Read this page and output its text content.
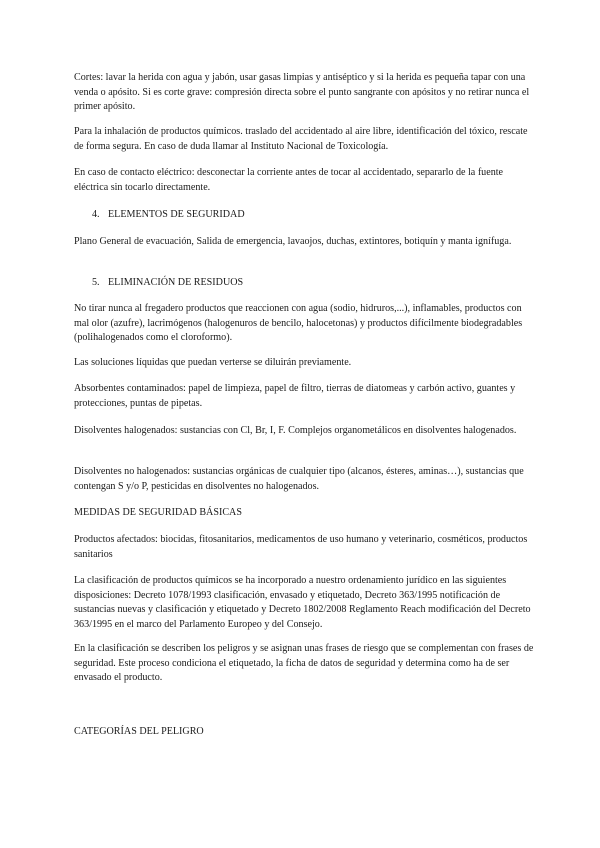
Cortes: lavar la herida con agua y jabón, usar gasas limpias y antiséptico y si la herida es pequeña tapar con una venda o apósito. Si es corte grave: compresión directa sobre el punto sangrante con apósitos y no retirar nunca el primer apósito.

Para la inhalación de productos químicos. traslado del accidentado al aire libre, identificación del tóxico, rescate de forma segura. En caso de duda llamar al Instituto Nacional de Toxicología.

En caso de contacto eléctrico: desconectar la corriente antes de tocar al accidentado, separarlo de la fuente eléctrica sin tocarlo directamente.

4. ELEMENTOS DE SEGURIDAD

Plano General de evacuación, Salida de emergencia, lavaojos, duchas, extintores, botiquín y manta ignífuga.

5. ELIMINACIÓN DE RESIDUOS

No tirar nunca al fregadero productos que reaccionen con agua (sodio, hidruros,...), inflamables, productos con mal olor (azufre), lacrimógenos (halogenuros de bencilo, halocetonas) y productos difícilmente biodegradables (polihalogenados como el cloroformo).

Las soluciones líquidas que puedan verterse se diluirán previamente.

Absorbentes contaminados: papel de limpieza, papel de filtro, tierras de diatomeas y carbón activo, guantes y protecciones, puntas de pipetas.

Disolventes halogenados: sustancias con Cl, Br, I, F. Complejos organometálicos en disolventes halogenados.

Disolventes no halogenados: sustancias orgánicas de cualquier tipo (alcanos, ésteres, aminas…), sustancias que contengan S y/o P, pesticidas en disolventes no halogenados.

MEDIDAS DE SEGURIDAD BÁSICAS

Productos afectados: biocidas, fitosanitarios, medicamentos de uso humano y veterinario, cosméticos, productos sanitarios

La clasificación de productos químicos se ha incorporado a nuestro ordenamiento jurídico en las siguientes disposiciones: Decreto 1078/1993 clasificación, envasado y etiquetado, Decreto 363/1995 notificación de sustancias nuevas y clasificación y etiquetado y Decreto 1802/2008 Reglamento Reach modificación del Decreto 363/1995 en el marco del Parlamento Europeo y del Consejo.

En la clasificación se describen los peligros y se asignan unas frases de riesgo que se complementan con frases de seguridad. Este proceso condiciona el etiquetado, la ficha de datos de seguridad y determina como ha de ser envasado el producto.

CATEGORÍAS DEL PELIGRO
